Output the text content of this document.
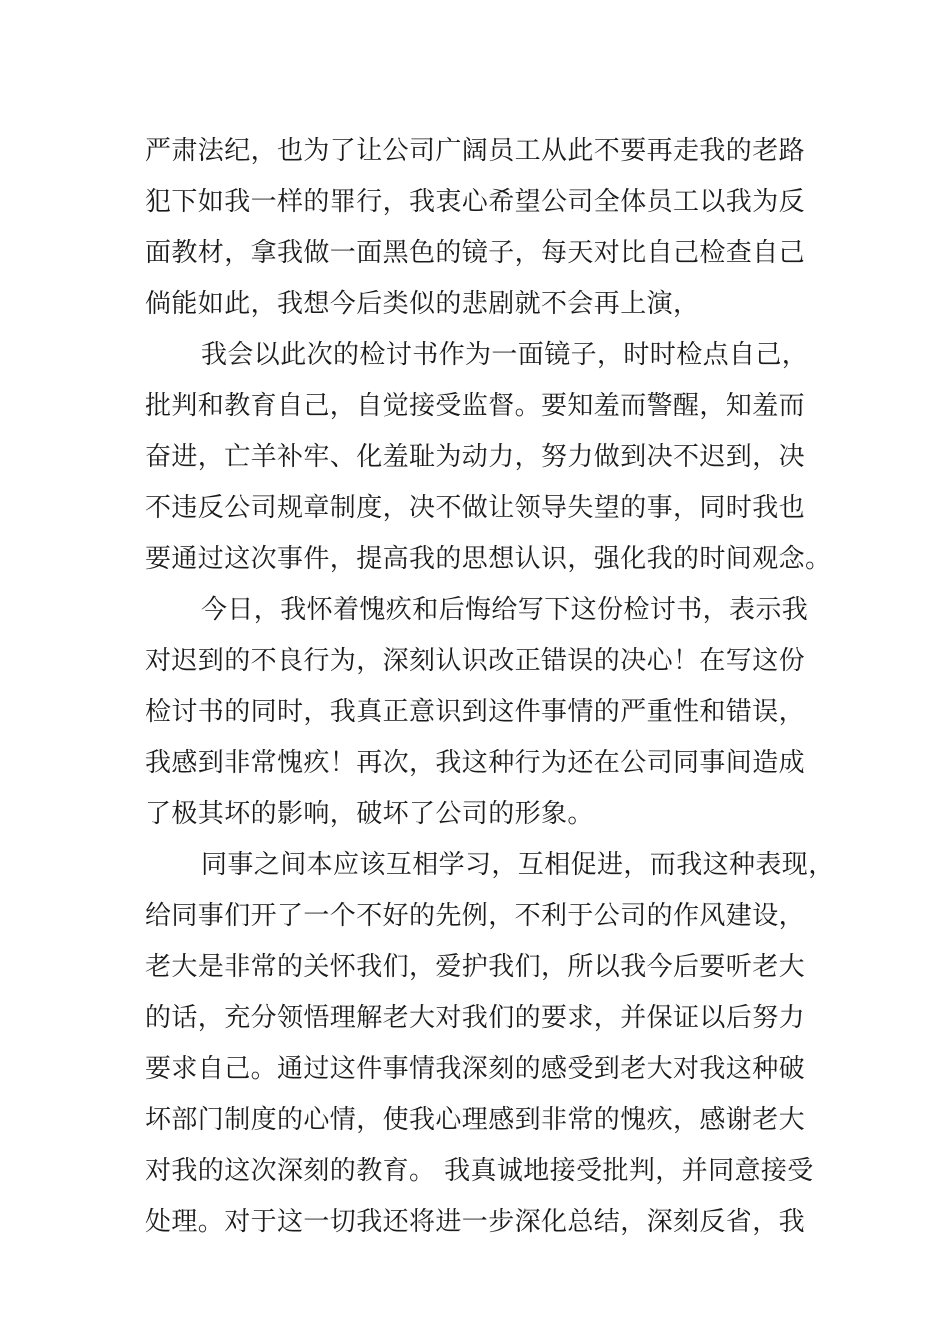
严肃法纪，也为了让公司广阔员工从此不要再走我的老路
犯下如我一样的罪行，我衷心希望公司全体员工以我为反
面教材，拿我做一面黑色的镜子，每天对比自己检查自己
倘能如此，我想今后类似的悲剧就不会再上演，
我会以此次的检讨书作为一面镜子，时时检点自己，
批判和教育自己，自觉接受监督。要知羞而警醒，知羞而
奋进，亡羊补牢、化羞耻为动力，努力做到决不迟到，决
不违反公司规章制度，决不做让领导失望的事，同时我也
要通过这次事件，提高我的思想认识，强化我的时间观念。
今日，我怀着愧疚和后悔给写下这份检讨书，表示我
对迟到的不良行为，深刻认识改正错误的决心！在写这份
检讨书的同时，我真正意识到这件事情的严重性和错误，
我感到非常愧疚！再次，我这种行为还在公司同事间造成
了极其坏的影响，破坏了公司的形象。
同事之间本应该互相学习，互相促进，而我这种表现，
给同事们开了一个不好的先例，不利于公司的作风建设，
老大是非常的关怀我们，爱护我们，所以我今后要听老大
的话，充分领悟理解老大对我们的要求，并保证以后努力
要求自己。通过这件事情我深刻的感受到老大对我这种破
坏部门制度的心情，使我心理感到非常的愧疚，感谢老大
对我的这次深刻的教育。 我真诚地接受批判，并同意接受
处理。对于这一切我还将进一步深化总结，深刻反省，我
